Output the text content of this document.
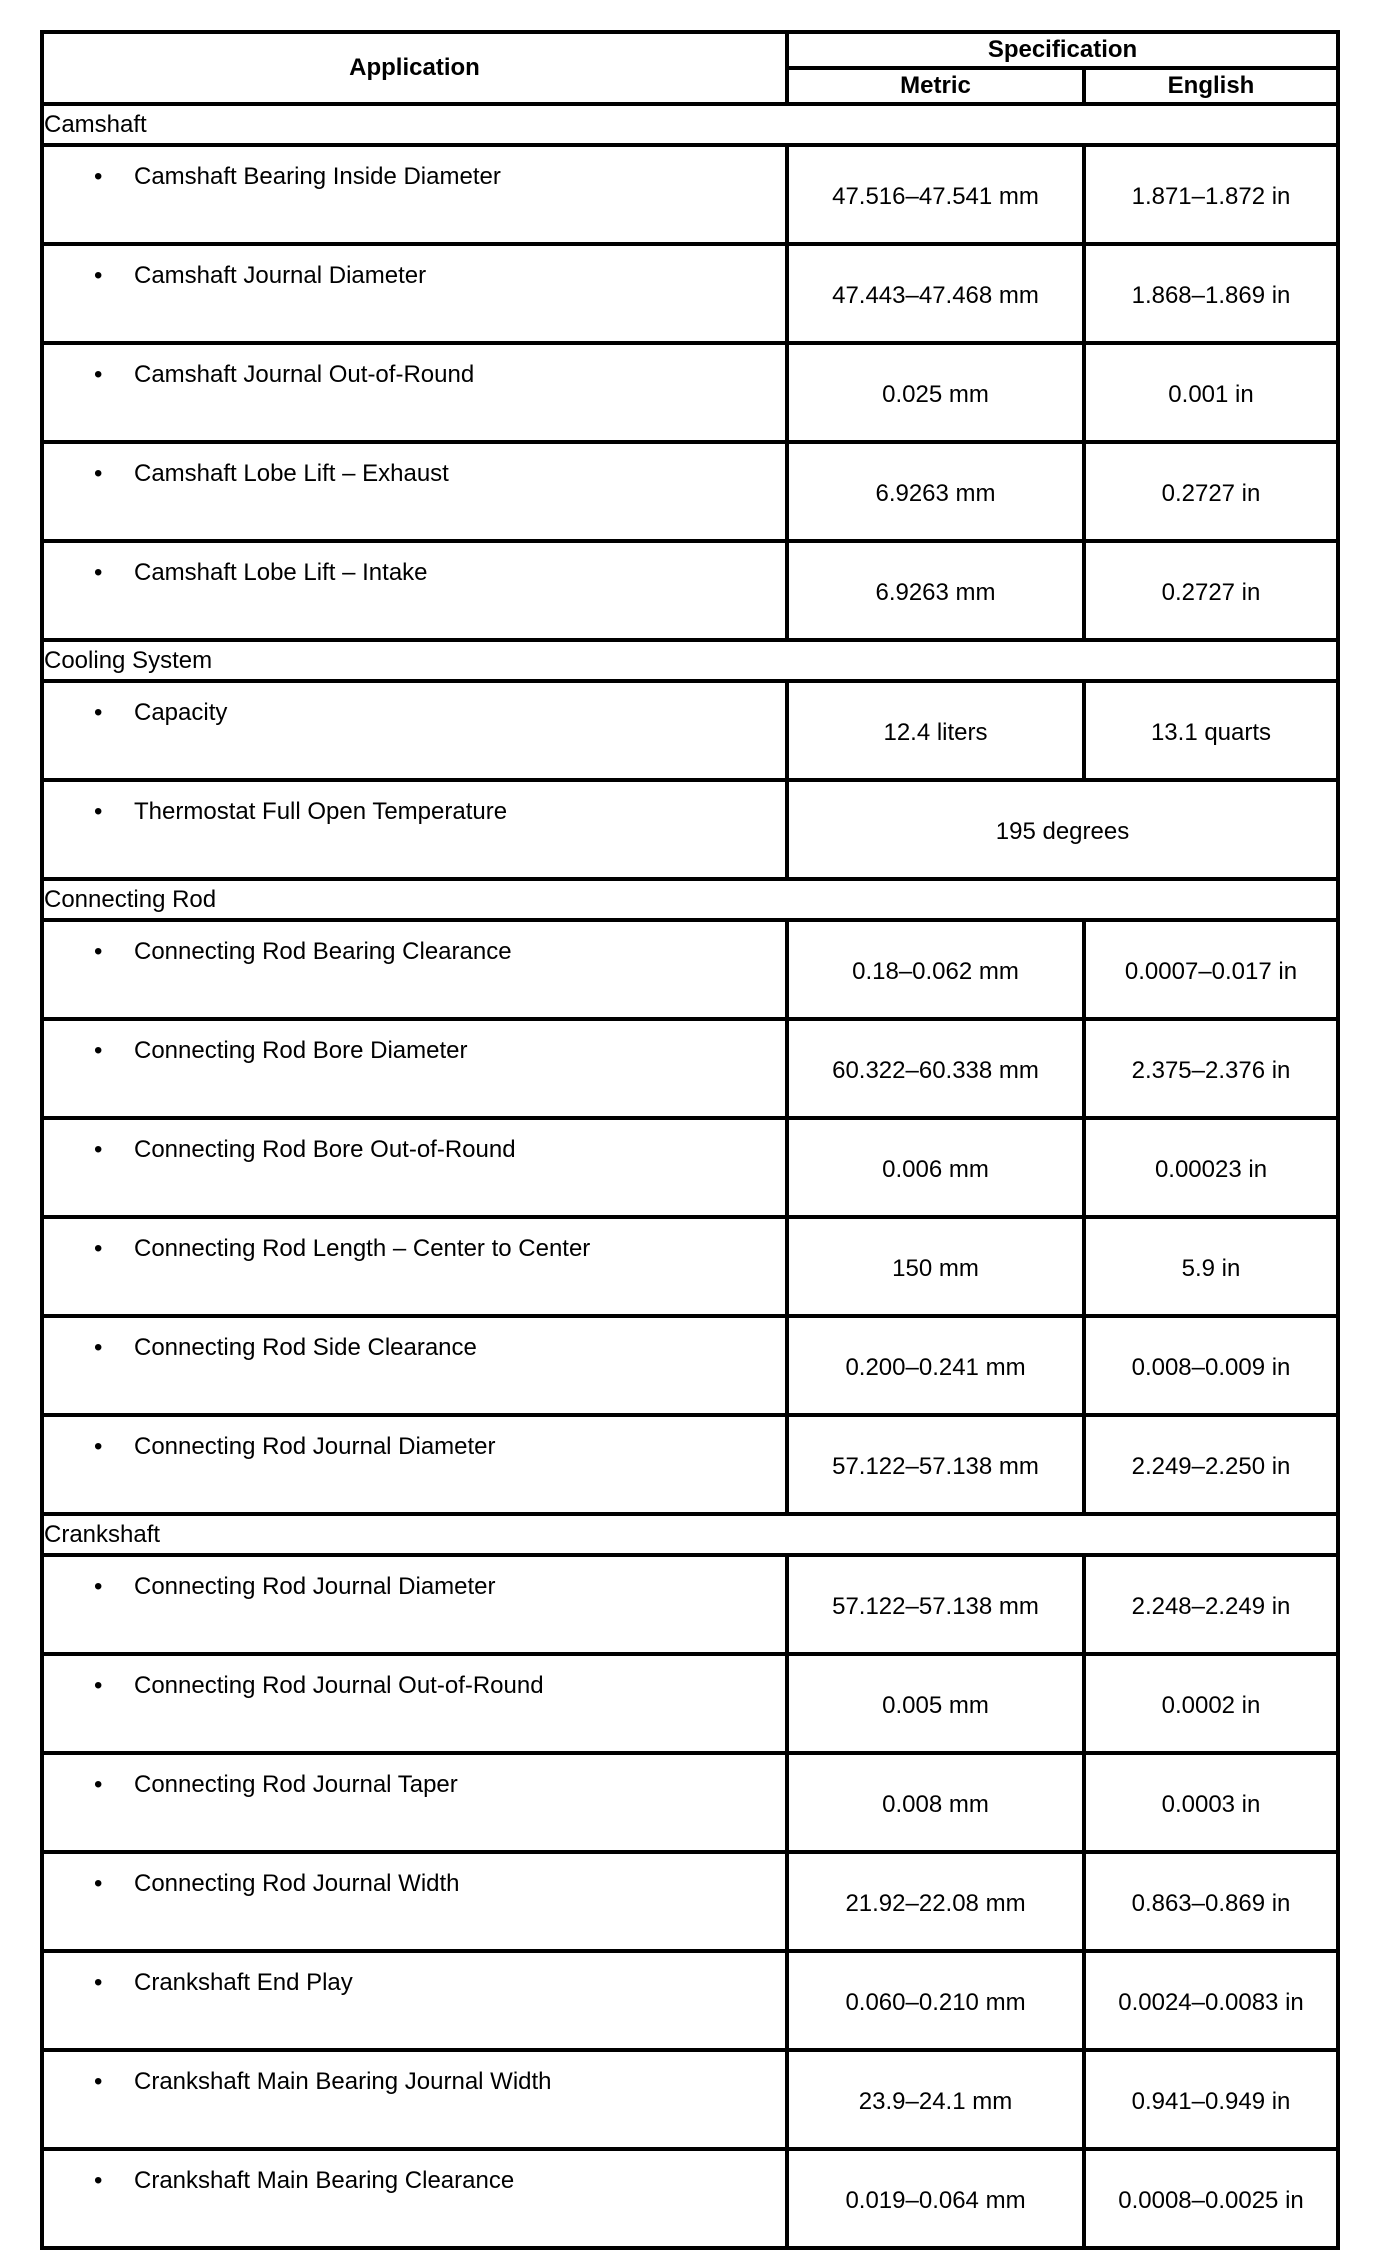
Application	Specification	
	Metric	English
Camshaft		
• Camshaft Bearing Inside Diameter	47.516–47.541 mm	1.871–1.872 in
• Camshaft Journal Diameter	47.443–47.468 mm	1.868–1.869 in
• Camshaft Journal Out-of-Round	0.025 mm	0.001 in
• Camshaft Lobe Lift – Exhaust	6.9263 mm	0.2727 in
• Camshaft Lobe Lift – Intake	6.9263 mm	0.2727 in
Cooling System		
• Capacity	12.4 liters	13.1 quarts
• Thermostat Full Open Temperature	195 degrees	
Connecting Rod		
• Connecting Rod Bearing Clearance	0.18–0.062 mm	0.0007–0.017 in
• Connecting Rod Bore Diameter	60.322–60.338 mm	2.375–2.376 in
• Connecting Rod Bore Out-of-Round	0.006 mm	0.00023 in
• Connecting Rod Length – Center to Center	150 mm	5.9 in
• Connecting Rod Side Clearance	0.200–0.241 mm	0.008–0.009 in
• Connecting Rod Journal Diameter	57.122–57.138 mm	2.249–2.250 in
Crankshaft		
• Connecting Rod Journal Diameter	57.122–57.138 mm	2.248–2.249 in
• Connecting Rod Journal Out-of-Round	0.005 mm	0.0002 in
• Connecting Rod Journal Taper	0.008 mm	0.0003 in
• Connecting Rod Journal Width	21.92–22.08 mm	0.863–0.869 in
• Crankshaft End Play	0.060–0.210 mm	0.0024–0.0083 in
• Crankshaft Main Bearing Journal Width	23.9–24.1 mm	0.941–0.949 in
• Crankshaft Main Bearing Clearance	0.019–0.064 mm	0.0008–0.0025 in
